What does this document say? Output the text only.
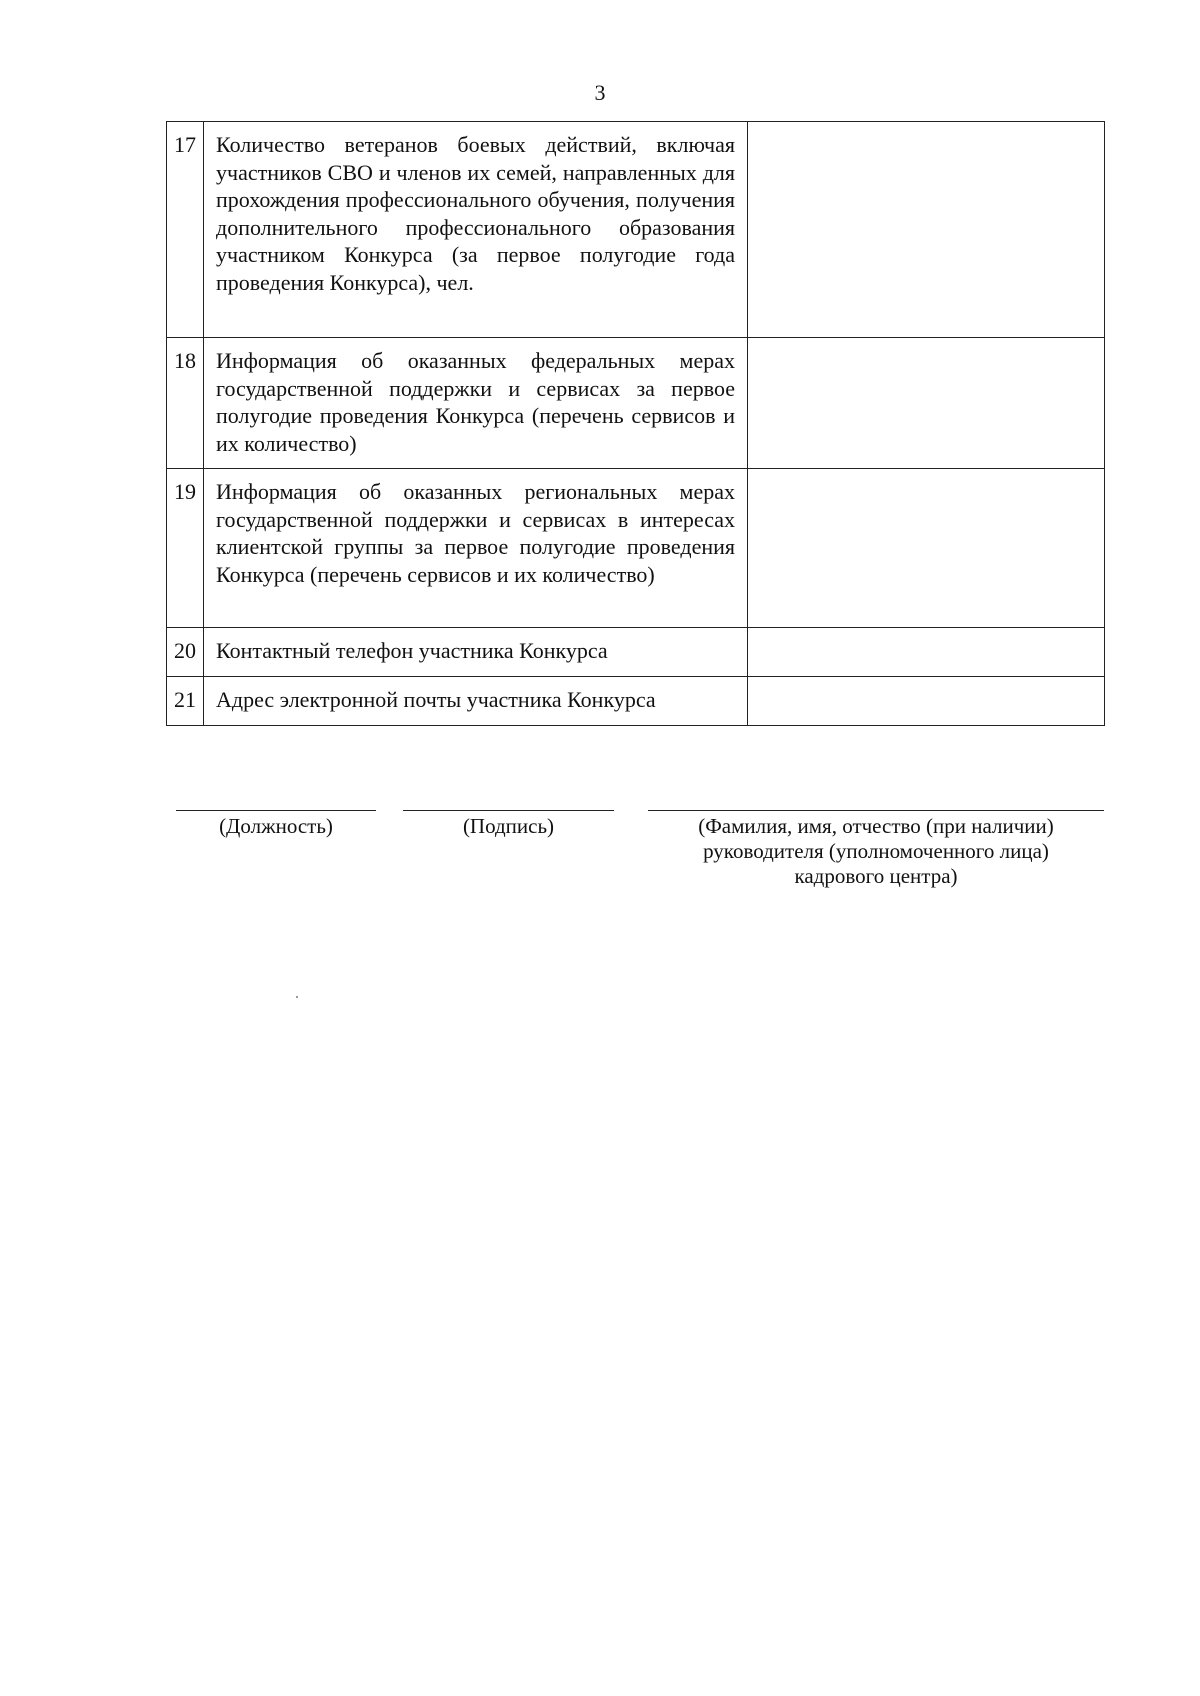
3
17	Количество ветеранов боевых действий, включая участников СВО и членов их семей, направленных для прохождения профессионального обучения, получения дополнительного профессионального образования участником Конкурса (за первое полугодие года проведения Конкурса), чел.	
18	Информация об оказанных федеральных мерах государственной поддержки и сервисах за первое полугодие проведения Конкурса (перечень сервисов и их количество)	
19	Информация об оказанных региональных мерах государственной поддержки и сервисах в интересах клиентской группы за первое полугодие проведения Конкурса (перечень сервисов и их количество)	
20	Контактный телефон участника Конкурса	
21	Адрес электронной почты участника Конкурса	
(Должность)	(Подпись)	(Фамилия, имя, отчество (при наличии)
руководителя (уполномоченного лица)
кадрового центра)
